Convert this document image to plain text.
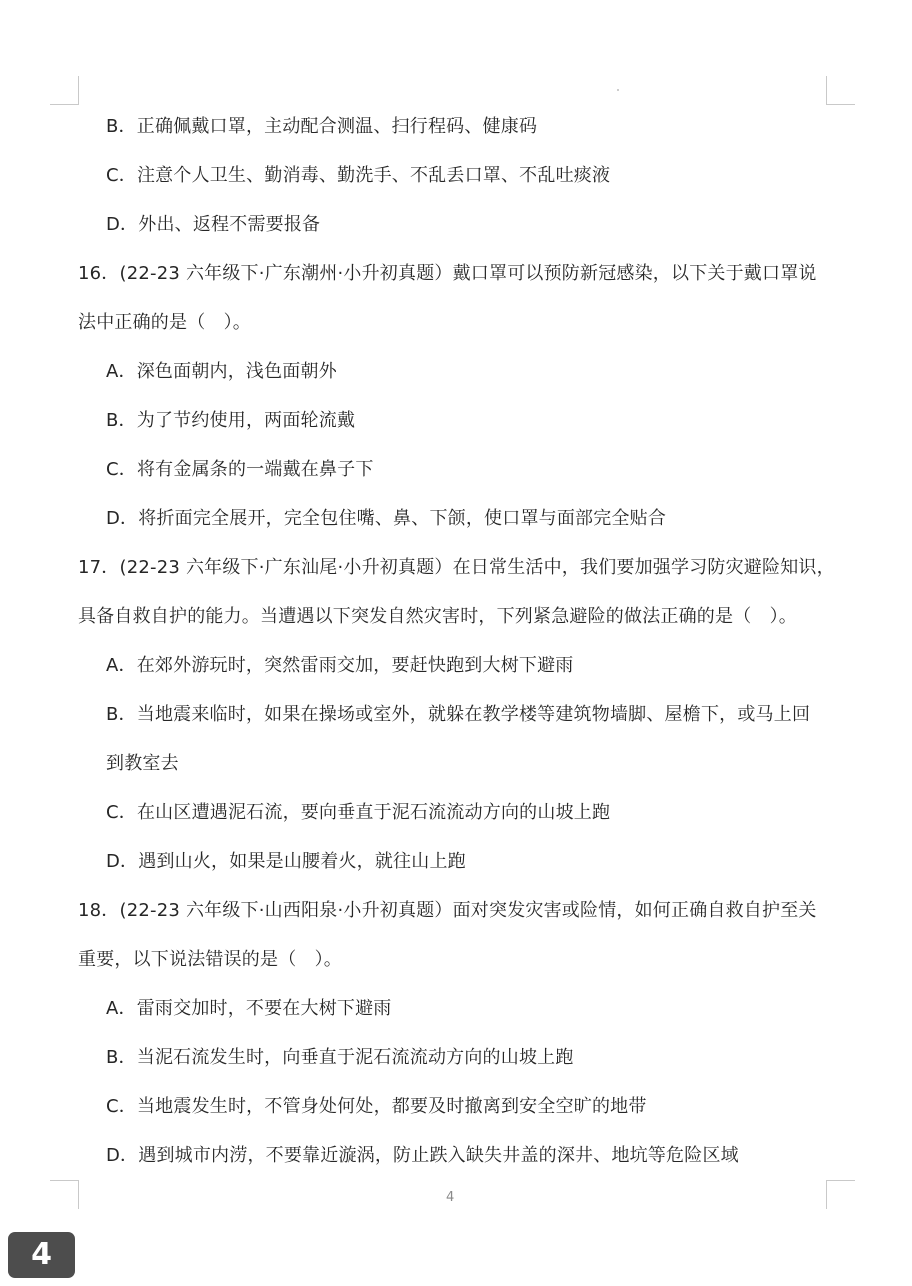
B．正确佩戴口罩，主动配合测温、扫行程码、健康码
C．注意个人卫生、勤消毒、勤洗手、不乱丢口罩、不乱吐痰液
D．外出、返程不需要报备
16．(22-23 六年级下·广东潮州·小升初真题）戴口罩可以预防新冠感染，以下关于戴口罩说
法中正确的是（　）。
A．深色面朝内，浅色面朝外
B．为了节约使用，两面轮流戴
C．将有金属条的一端戴在鼻子下
D．将折面完全展开，完全包住嘴、鼻、下颌，使口罩与面部完全贴合
17．(22-23 六年级下·广东汕尾·小升初真题）在日常生活中，我们要加强学习防灾避险知识，
具备自救自护的能力。当遭遇以下突发自然灾害时，下列紧急避险的做法正确的是（　）。
A．在郊外游玩时，突然雷雨交加，要赶快跑到大树下避雨
B．当地震来临时，如果在操场或室外，就躲在教学楼等建筑物墙脚、屋檐下，或马上回
到教室去
C．在山区遭遇泥石流，要向垂直于泥石流流动方向的山坡上跑
D．遇到山火，如果是山腰着火，就往山上跑
18．(22-23 六年级下·山西阳泉·小升初真题）面对突发灾害或险情，如何正确自救自护至关
重要，以下说法错误的是（　）。
A．雷雨交加时，不要在大树下避雨
B．当泥石流发生时，向垂直于泥石流流动方向的山坡上跑
C．当地震发生时，不管身处何处，都要及时撤离到安全空旷的地带
D．遇到城市内涝，不要靠近漩涡，防止跌入缺失井盖的深井、地坑等危险区域
4
4
